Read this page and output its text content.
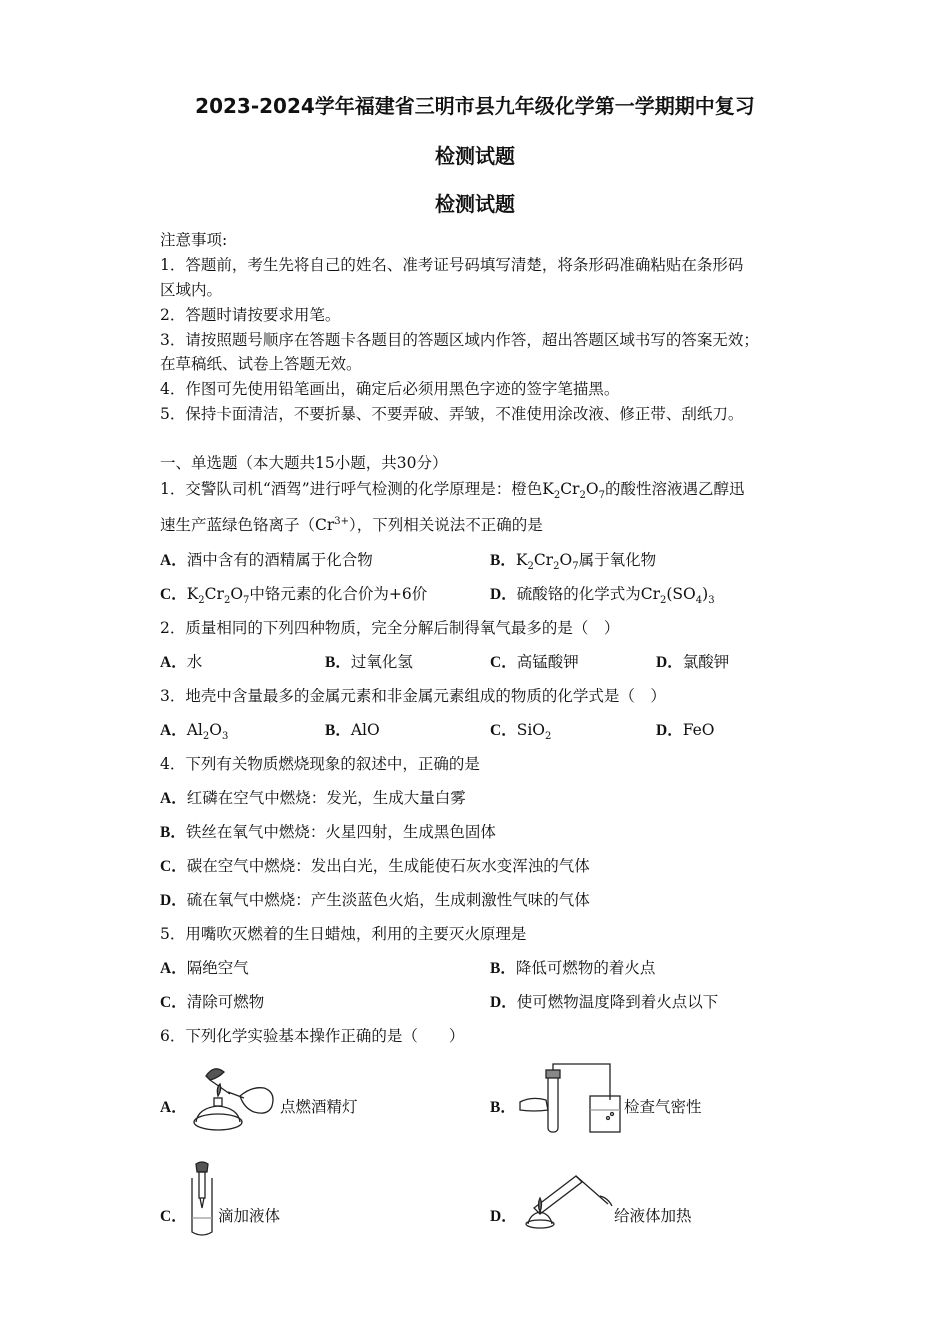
2023-2024学年福建省三明市县九年级化学第一学期期中复习
检测试题
检测试题
注意事项:
1．答题前，考生先将自己的姓名、准考证号码填写清楚，将条形码准确粘贴在条形码
区域内。
2．答题时请按要求用笔。
3．请按照题号顺序在答题卡各题目的答题区域内作答，超出答题区域书写的答案无效；
在草稿纸、试卷上答题无效。
4．作图可先使用铅笔画出，确定后必须用黑色字迹的签字笔描黑。
5．保持卡面清洁，不要折暴、不要弄破、弄皱，不准使用涂改液、修正带、刮纸刀。
一、单选题（本大题共15小题，共30分）
1．交警队司机“酒驾”进行呼气检测的化学原理是：橙色$K_2Cr_2O_7$的酸性溶液遇乙醇迅
速生产蓝绿色铬离子$(Cr^{3+})$，下列相关说法不正确的是
A．酒中含有的酒精属于化合物	B．$K_2Cr_2O_7$属于氧化物
C．$K_2Cr_2O_7$中铬元素的化合价为+6价	D．硫酸铬的化学式为$Cr_2(SO_4)_3$
2．质量相同的下列四种物质，完全分解后制得氧气最多的是（　）
A．水	B．过氧化氢	C．高锰酸钾	D．氯酸钾
3．地壳中含量最多的金属元素和非金属元素组成的物质的化学式是（　）
A．$Al_2O_3$	B．AlO	C．SiO$_2$	D．FeO
4．下列有关物质燃烧现象的叙述中，正确的是
A．红磷在空气中燃烧：发光，生成大量白雾
B．铁丝在氧气中燃烧：火星四射，生成黑色固体
C．碳在空气中燃烧：发出白光，生成能使石灰水变浑浊的气体
D．硫在氧气中燃烧：产生淡蓝色火焰，生成刺激性气味的气体
5．用嘴吹灭燃着的生日蜡烛，利用的主要灭火原理是
A．隔绝空气	B．降低可燃物的着火点
C．清除可燃物	D．使可燃物温度降到着火点以下
6．下列化学实验基本操作正确的是（　　）
A．	点燃酒精灯	B．	检查气密性
C． 滴加液体	D．	给液体加热
